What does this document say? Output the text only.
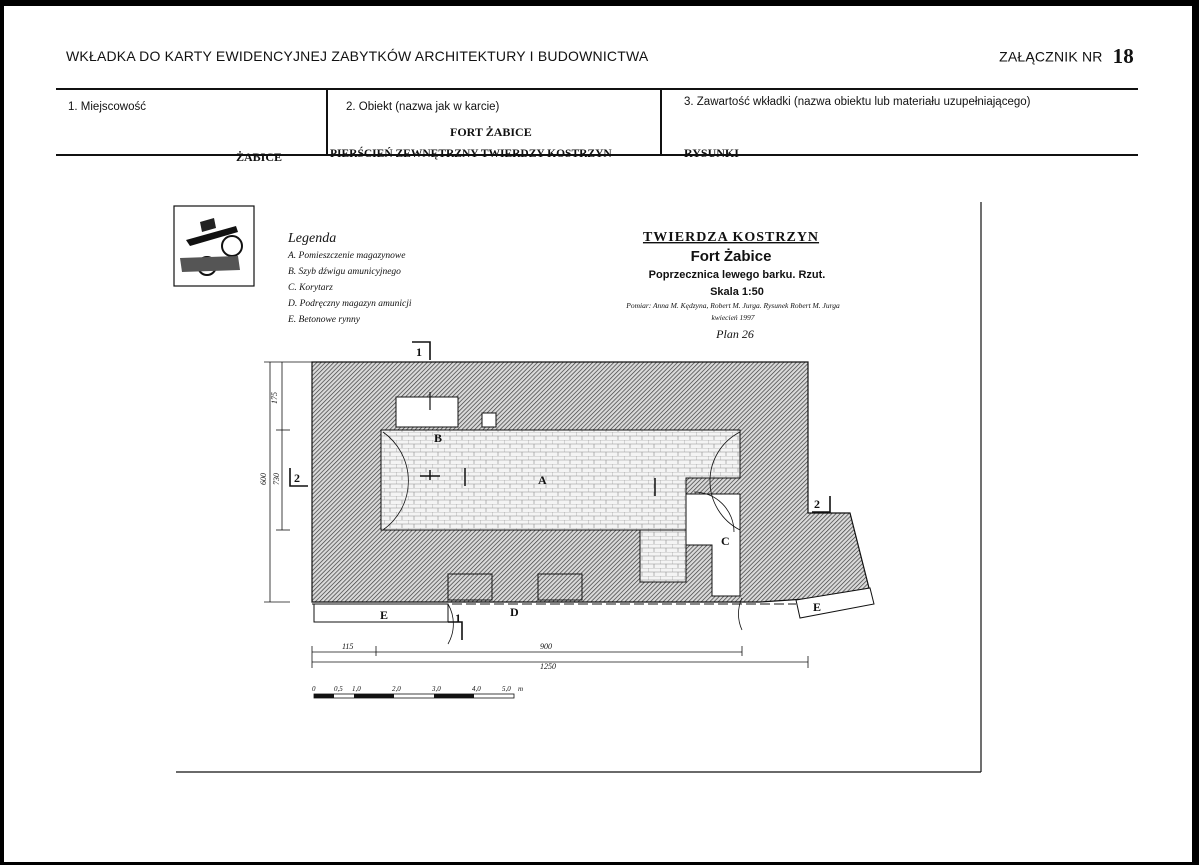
WKŁADKA DO KARTY EWIDENCYJNEJ ZABYTKÓW ARCHITEKTURY I BUDOWNICTWA	ZAŁĄCZNIK NR 18
1. Miejscowość
ŻABICE
2. Obiekt (nazwa jak w karcie)
FORT ŻABICE
PIERŚCIEŃ ZEWNĘTRZNY TWIERDZY KOSTRZYN
3. Zawartość wkładki (nazwa obiektu lub materiału uzupełniającego)
RYSUNKI
Legenda
A. Pomieszczenie magazynowe
B. Szyb dźwigu amunicyjnego
C. Korytarz
D. Podręczny magazyn amunicji
E. Betonowe rynny
TWIERDZA KOSTRZYN
Fort Żabice
Poprzecznica lewego barku. Rzut.
Skala 1:50
Pomiar: Anna M. Kędzyna, Robert M. Jurga. Rysunek Robert M. Jurga
kwiecień 1997
Plan 26
A
B
C
D
E
E
1
1
2
2
115	900
1250
175
730
600
0	0,5 1,0	2,0	3,0	4,0	5,0 m
